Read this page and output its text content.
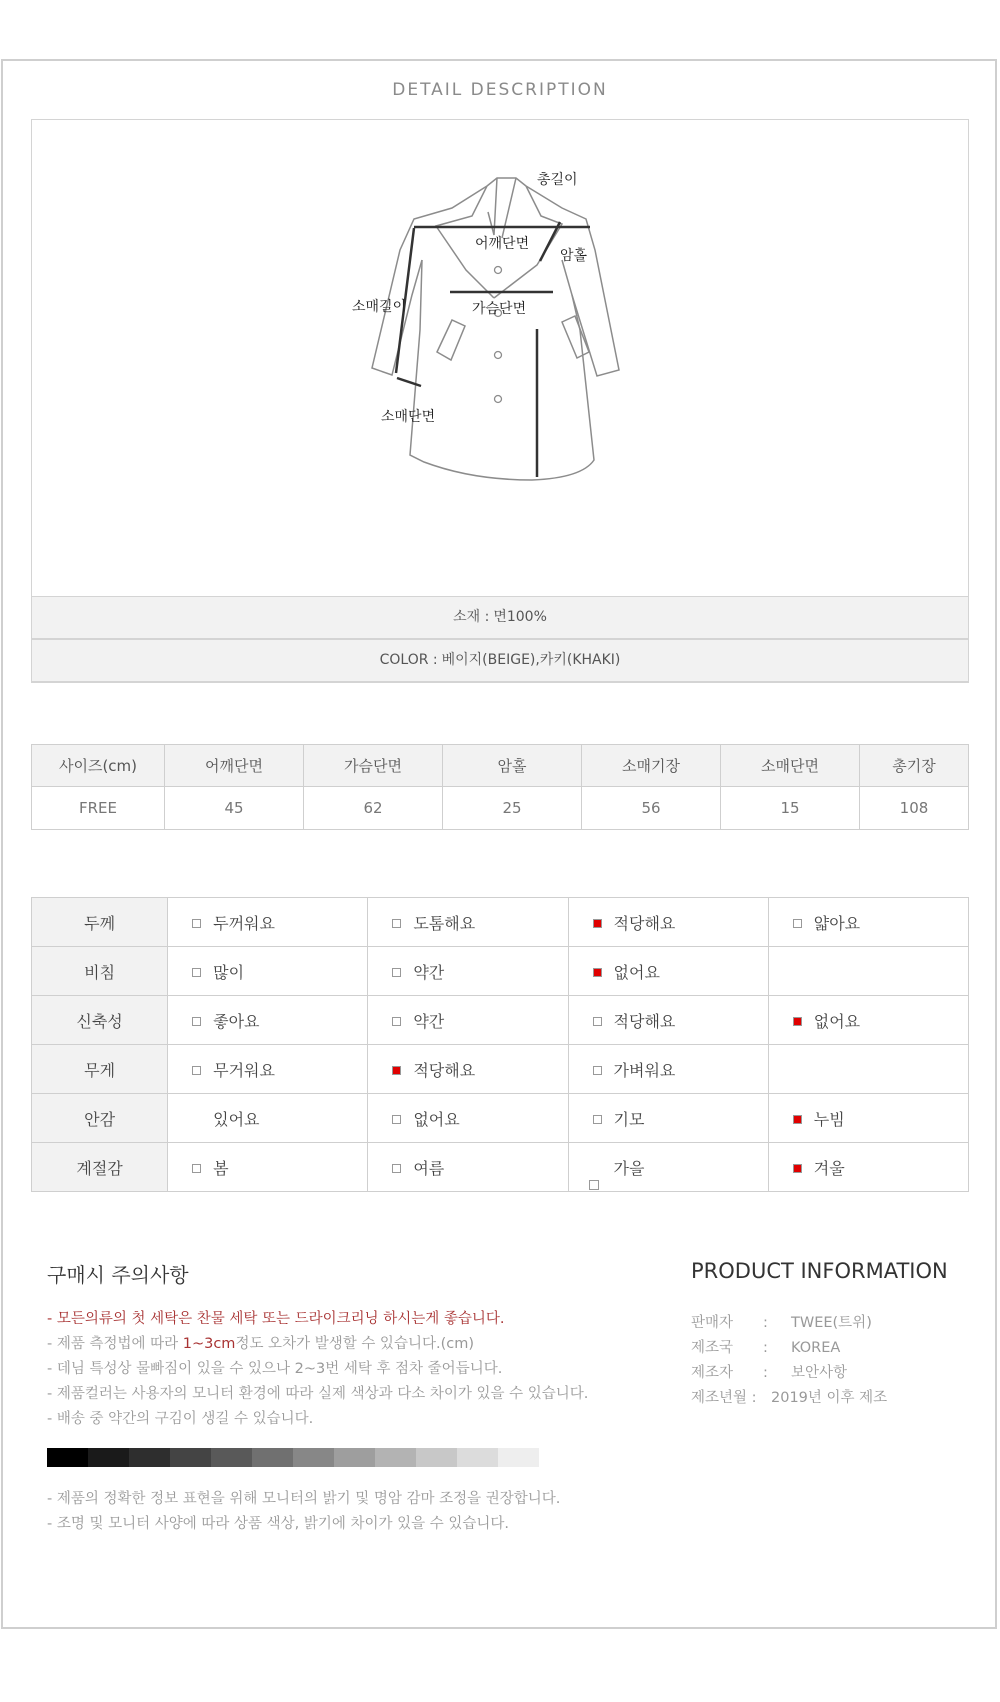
DETAIL DESCRIPTION
총길이
어깨단면
암홀
소매길이	가슴단면
소매단면
소재 : 면100%
COLOR : 베이지(BEIGE),카키(KHAKI)
사이즈(cm)	어깨단면	가슴단면	암홀	소매기장	소매단면	총기장
FREE	45	62	25	56	15	108
두께	두꺼워요	도톰해요	적당해요	얇아요
비침	많이	약간	없어요	
신축성	좋아요	약간	적당해요	없어요
무게	무거워요	적당해요	가벼워요	
안감	있어요	없어요	기모	누빔
계절감	봄	여름	가을	겨울
구매시 주의사항	PRODUCT INFORMATION
- 모든의류의 첫 세탁은 찬물 세탁 또는 드라이크리닝 하시는게 좋습니다.
- 제품 측정법에 따라 1~3cm정도 오차가 발생할 수 있습니다.(cm)
- 데님 특성상 물빠짐이 있을 수 있으나 2~3번 세탁 후 점차 줄어듭니다.
- 제품컬러는 사용자의 모니터 환경에 따라 실제 색상과 다소 차이가 있을 수 있습니다.
- 배송 중 약간의 구김이 생길 수 있습니다.
판매자 : TWEE(트위)
제조국 : KOREA
제조자 : 보안사항
제조년월 : 2019년 이후 제조
- 제품의 정확한 정보 표현을 위해 모니터의 밝기 및 명암 감마 조정을 권장합니다.
- 조명 및 모니터 사양에 따라 상품 색상, 밝기에 차이가 있을 수 있습니다.
